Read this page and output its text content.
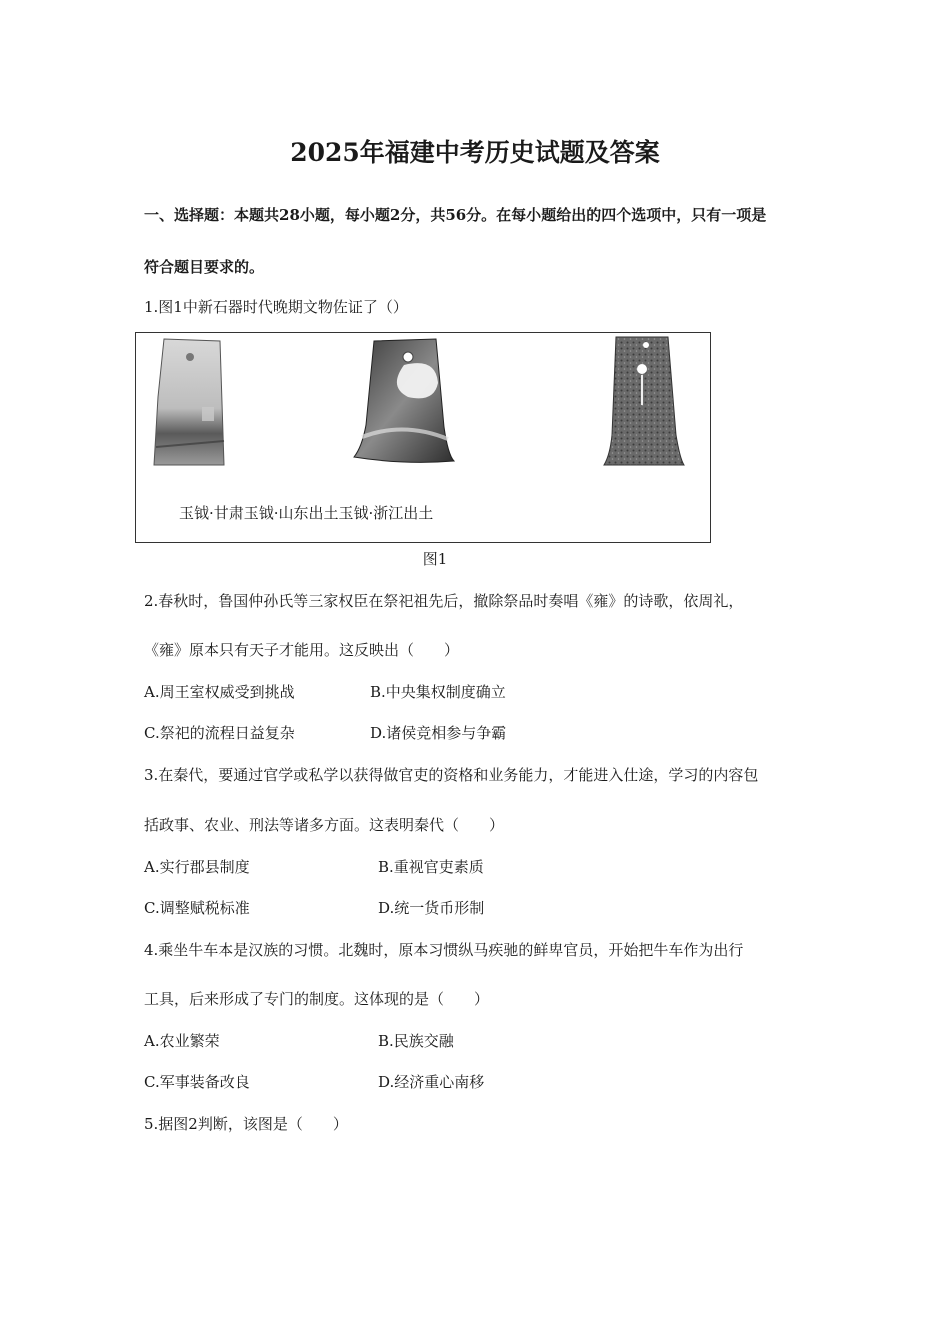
2025年福建中考历史试题及答案
一、选择题：本题共28小题，每小题2分，共56分。在每小题给出的四个选项中，只有一项是
符合题目要求的。
1.图1中新石器时代晚期文物佐证了（）
玉钺·甘肃玉钺·山东出土玉钺·浙江出土
图1
2.春秋时，鲁国仲孙氏等三家权臣在祭祀祖先后，撤除祭品时奏唱《雍》的诗歌，依周礼，
《雍》原本只有天子才能用。这反映出（　　）
A.周王室权威受到挑战	B.中央集权制度确立
C.祭祀的流程日益复杂	D.诸侯竞相参与争霸
3.在秦代，要通过官学或私学以获得做官吏的资格和业务能力，才能进入仕途，学习的内容包
括政事、农业、刑法等诸多方面。这表明秦代（　　）
A.实行郡县制度	B.重视官吏素质
C.调整赋税标准	D.统一货币形制
4.乘坐牛车本是汉族的习惯。北魏时，原本习惯纵马疾驰的鲜卑官员，开始把牛车作为出行
工具，后来形成了专门的制度。这体现的是（　　）
A.农业繁荣	B.民族交融
C.军事装备改良	D.经济重心南移
5.据图2判断，该图是（　　）
